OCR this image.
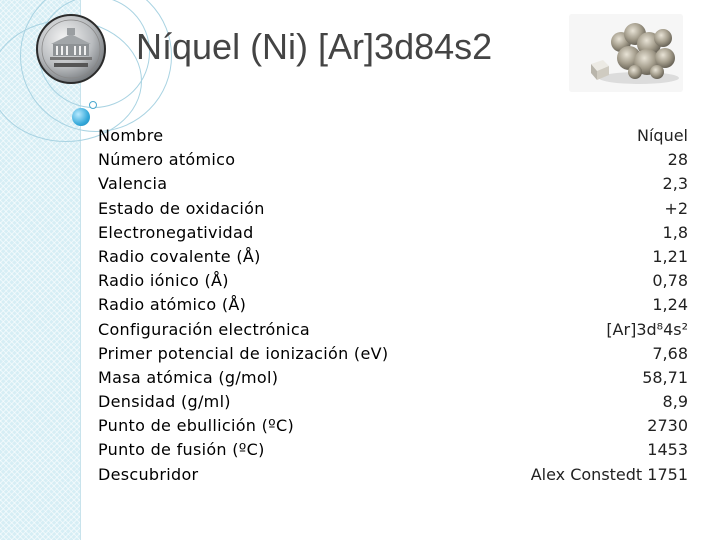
Níquel (Ni) [Ar]3d84s2
Nombre
Número atómico
Valencia
Estado de oxidación
Electronegatividad
Radio covalente (Å)
Radio iónico (Å)
Radio atómico (Å)
Configuración electrónica
Primer potencial de ionización (eV)
Masa atómica (g/mol)
Densidad (g/ml)
Punto de ebullición (ºC)
Punto de fusión (ºC)
Descubridor
Níquel
28
2,3
+2
1,8
1,21
0,78
1,24
[Ar]3d⁸4s²
7,68
58,71
8,9
2730
1453
Alex Constedt 1751
